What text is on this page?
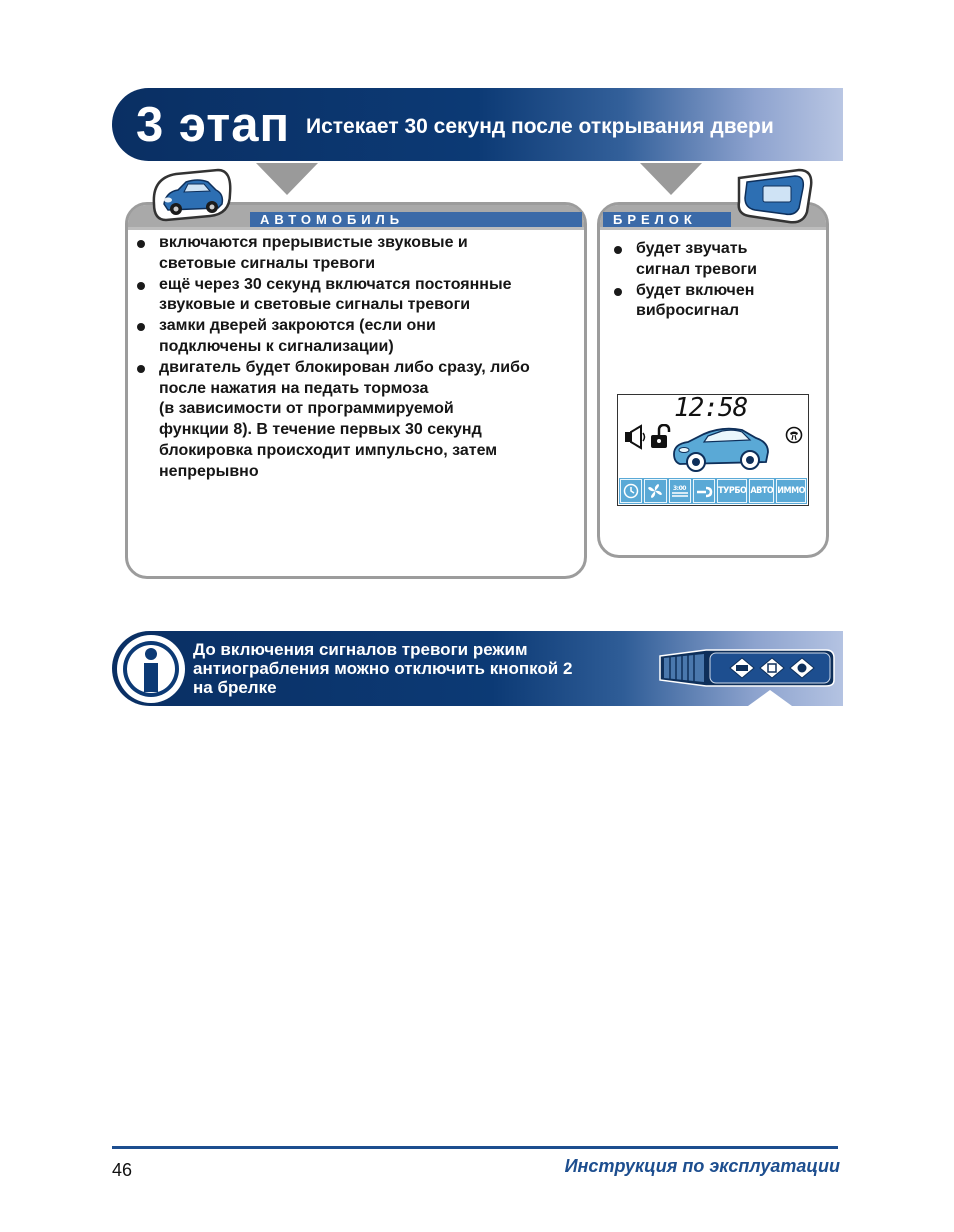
3 этап Истекает 30 секунд после открывания двери
АВТОМОБИЛЬ

включаются прерывистые звуковые и
световые сигналы тревоги

ещё через 30 секунд включатся постоянные
звуковые и световые сигналы тревоги

замки дверей закроются (если они
подключены к сигнализации)

двигатель будет блокирован либо сразу, либо
после нажатия на педать тормоза
(в зависимости от программируемой
функции 8). В течение первых 30 секунд
блокировка происходит импульсно, затем
непрерывно

БРЕЛОК

будет звучать
сигнал тревоги

будет включен
вибросигнал

12:58
3:00	ТУРБО АВТО ИММО
До включения сигналов тревоги режим
антиограбления можно отключить кнопкой 2
на брелке
46	Инструкция по эксплуатации
